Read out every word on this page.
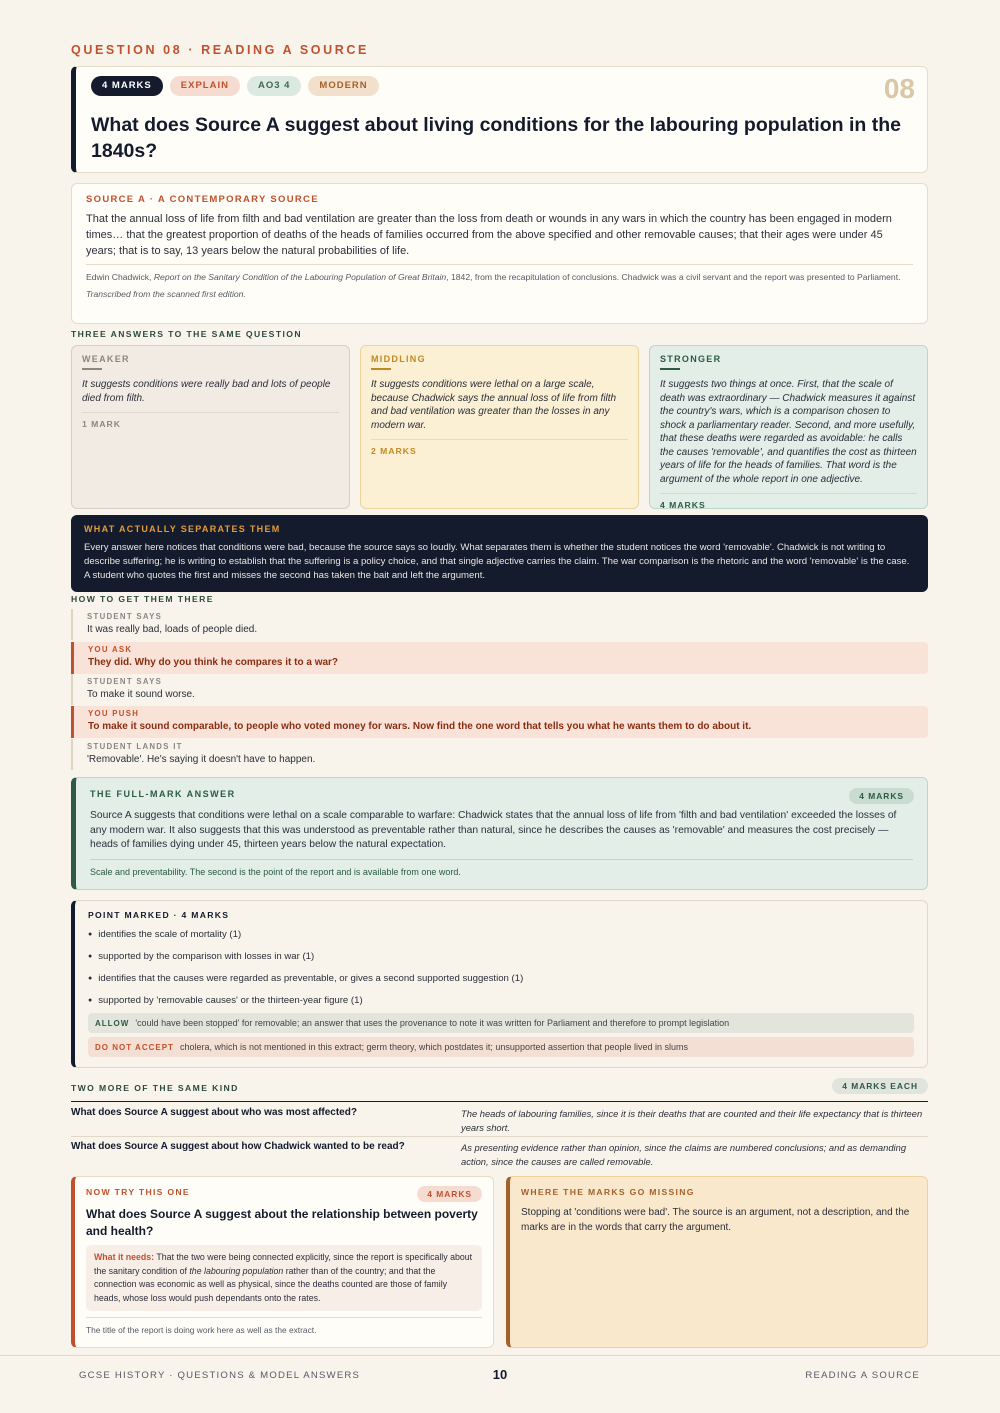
QUESTION 08 · READING A SOURCE
4 MARKS	EXPLAIN	AO3 4	MODERN	08
What does Source A suggest about living conditions for the labouring population in the 1840s?
SOURCE A · A CONTEMPORARY SOURCE
That the annual loss of life from filth and bad ventilation are greater than the loss from death or wounds in any wars in which the country has been engaged in modern times… that the greatest proportion of deaths of the heads of families occurred from the above specified and other removable causes; that their ages were under 45 years; that is to say, 13 years below the natural probabilities of life.
Edwin Chadwick, Report on the Sanitary Condition of the Labouring Population of Great Britain, 1842, from the recapitulation of conclusions. Chadwick was a civil servant and the report was presented to Parliament.
Transcribed from the scanned first edition.
THREE ANSWERS TO THE SAME QUESTION
WEAKER
It suggests conditions were really bad and lots of people died from filth.
1 MARK
MIDDLING
It suggests conditions were lethal on a large scale, because Chadwick says the annual loss of life from filth and bad ventilation was greater than the losses in any modern war.
2 MARKS
STRONGER
It suggests two things at once. First, that the scale of death was extraordinary — Chadwick measures it against the country's wars, which is a comparison chosen to shock a parliamentary reader. Second, and more usefully, that these deaths were regarded as avoidable: he calls the causes 'removable', and quantifies the cost as thirteen years of life for the heads of families. That word is the argument of the whole report in one adjective.
4 MARKS
WHAT ACTUALLY SEPARATES THEM
Every answer here notices that conditions were bad, because the source says so loudly. What separates them is whether the student notices the word 'removable'. Chadwick is not writing to describe suffering; he is writing to establish that the suffering is a policy choice, and that single adjective carries the claim. The war comparison is the rhetoric and the word 'removable' is the case. A student who quotes the first and misses the second has taken the bait and left the argument.
HOW TO GET THEM THERE
STUDENT SAYS
It was really bad, loads of people died.
YOU ASK
They did. Why do you think he compares it to a war?
STUDENT SAYS
To make it sound worse.
YOU PUSH
To make it sound comparable, to people who voted money for wars. Now find the one word that tells you what he wants them to do about it.
STUDENT LANDS IT
'Removable'. He's saying it doesn't have to happen.
THE FULL-MARK ANSWER	4 MARKS
Source A suggests that conditions were lethal on a scale comparable to warfare: Chadwick states that the annual loss of life from 'filth and bad ventilation' exceeded the losses of any modern war. It also suggests that this was understood as preventable rather than natural, since he describes the causes as 'removable' and measures the cost precisely — heads of families dying under 45, thirteen years below the natural expectation.
Scale and preventability. The second is the point of the report and is available from one word.
POINT MARKED · 4 MARKS
● identifies the scale of mortality (1)
● supported by the comparison with losses in war (1)
● identifies that the causes were regarded as preventable, or gives a second supported suggestion (1)
● supported by 'removable causes' or the thirteen-year figure (1)
ALLOW 'could have been stopped' for removable; an answer that uses the provenance to note it was written for Parliament and therefore to prompt legislation
DO NOT ACCEPT cholera, which is not mentioned in this extract; germ theory, which postdates it; unsupported assertion that people lived in slums
TWO MORE OF THE SAME KIND	4 MARKS EACH
What does Source A suggest about who was most affected?	The heads of labouring families, since it is their deaths that are counted and their life expectancy that is thirteen years short.
What does Source A suggest about how Chadwick wanted to be read?	As presenting evidence rather than opinion, since the claims are numbered conclusions; and as demanding action, since the causes are called removable.
NOW TRY THIS ONE	4 MARKS
What does Source A suggest about the relationship between poverty and health?
What it needs: That the two were being connected explicitly, since the report is specifically about the sanitary condition of the labouring population rather than of the country; and that the connection was economic as well as physical, since the deaths counted are those of family heads, whose loss would push dependants onto the rates.
The title of the report is doing work here as well as the extract.
WHERE THE MARKS GO MISSING
Stopping at 'conditions were bad'. The source is an argument, not a description, and the marks are in the words that carry the argument.
GCSE HISTORY · QUESTIONS & MODEL ANSWERS	10	READING A SOURCE
